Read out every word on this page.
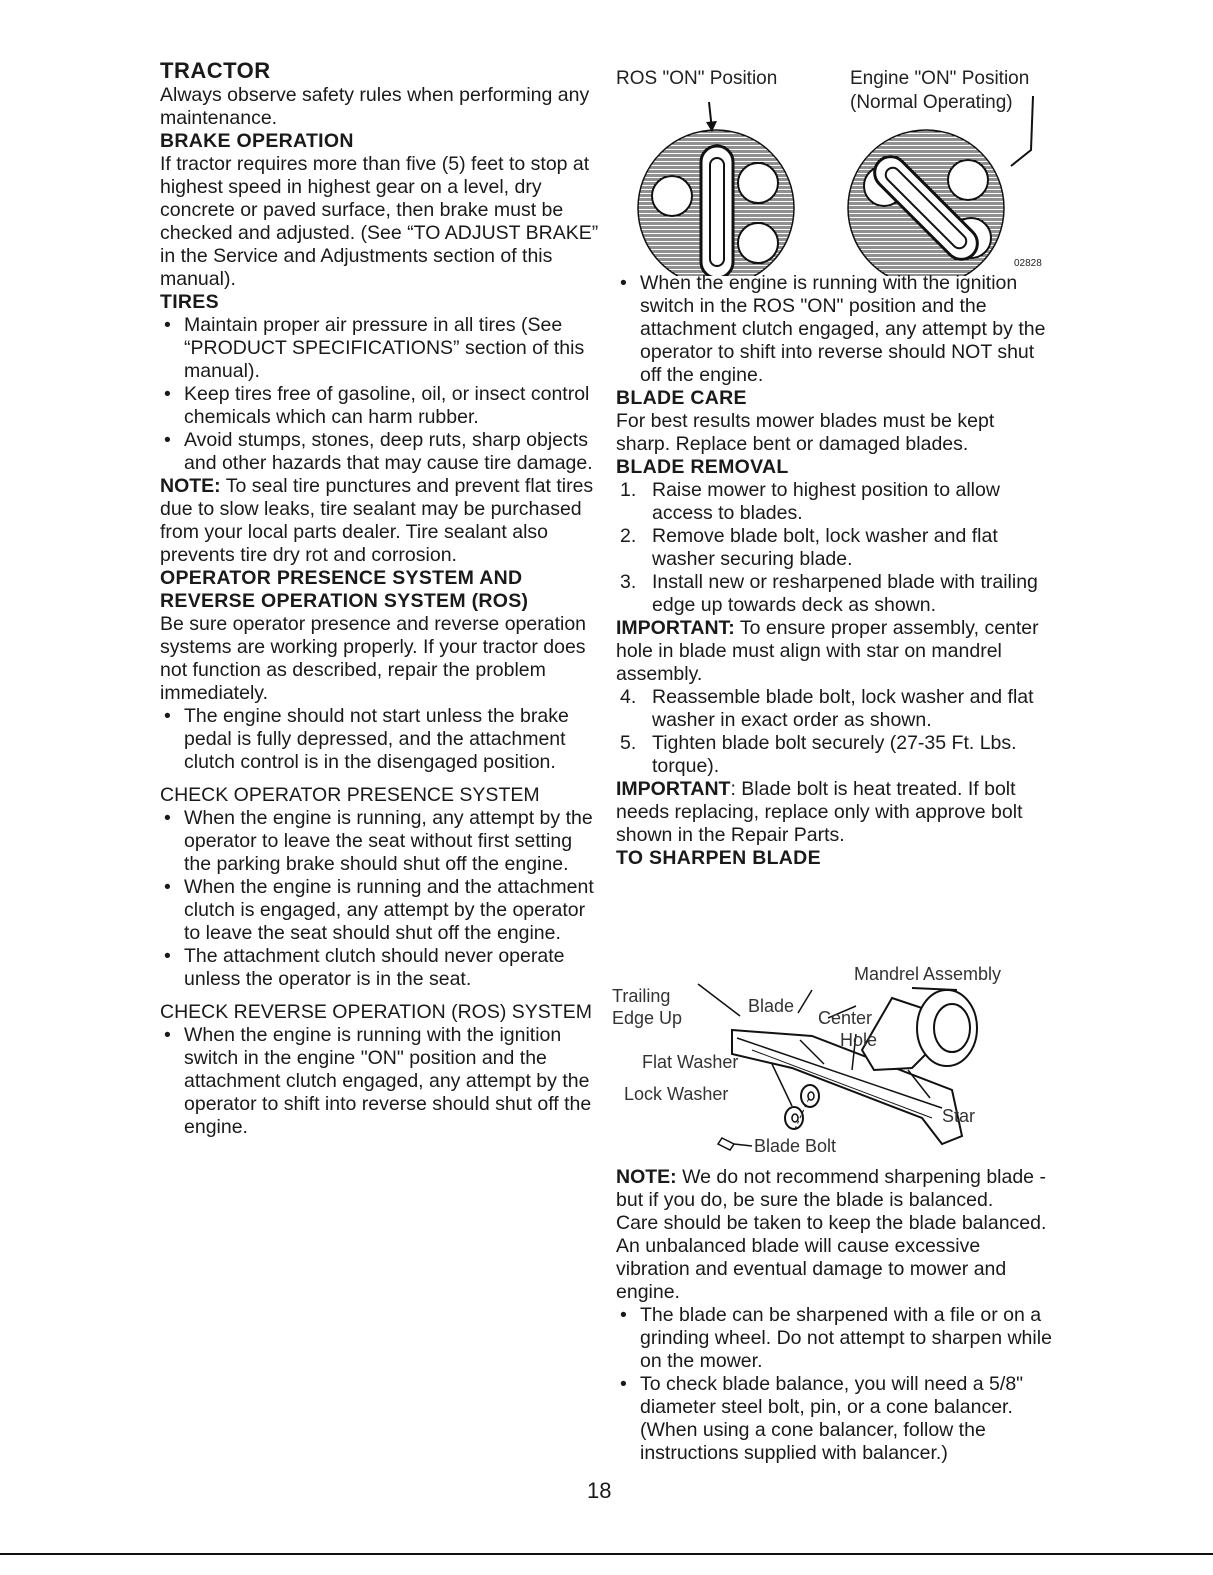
TRACTOR

Always observe safety rules when performing any maintenance.

BRAKE OPERATION

If tractor requires more than five (5) feet to stop at highest speed in highest gear on a level, dry concrete or paved surface, then brake must be checked and adjusted. (See “TO ADJUST BRAKE” in the Service and Adjustments section of this manual).

TIRES
• Maintain proper air pressure in all tires (See “PRODUCT SPECIFICATIONS” section of this manual).
• Keep tires free of gasoline, oil, or insect control chemicals which can harm rubber.
• Avoid stumps, stones, deep ruts, sharp objects and other hazards that may cause tire damage.

NOTE: To seal tire punctures and prevent flat tires due to slow leaks, tire sealant may be purchased from your local parts dealer. Tire sealant also prevents tire dry rot and corrosion.

OPERATOR PRESENCE SYSTEM AND REVERSE OPERATION SYSTEM (ROS)

Be sure operator presence and reverse operation systems are working properly. If your tractor does not function as described, repair the problem immediately.

• The engine should not start unless the brake pedal is fully depressed, and the attachment clutch control is in the disengaged position.

CHECK OPERATOR PRESENCE SYSTEM

• When the engine is running, any attempt by the operator to leave the seat without first setting the parking brake should shut off the engine.
• When the engine is running and the attachment clutch is engaged, any attempt by the operator to leave the seat should shut off the engine.
• The attachment clutch should never operate unless the operator is in the seat.

CHECK REVERSE OPERATION (ROS) SYSTEM

• When the engine is running with the ignition switch in the engine "ON" position and the attachment clutch engaged, any attempt by the operator to shift into reverse should shut off the engine.
ROS "ON" Position	Engine "ON" Position
(Normal Operating)
02828
• When the engine is running with the ignition switch in the ROS "ON" position and the attachment clutch engaged, any attempt by the operator to shift into reverse should NOT shut off the engine.
BLADE CARE

For best results mower blades must be kept sharp. Replace bent or damaged blades.

BLADE REMOVAL
1. Raise mower to highest position to allow access to blades.
2. Remove blade bolt, lock washer and flat washer securing blade.
3. Install new or resharpened blade with trailing edge up towards deck as shown.

IMPORTANT: To ensure proper assembly, center hole in blade must align with star on mandrel assembly.

4. Reassemble blade bolt, lock washer and flat washer in exact order as shown.
5. Tighten blade bolt securely (27-35 Ft. Lbs. torque).

IMPORTANT: Blade bolt is heat treated. If bolt needs replacing, replace only with approve bolt shown in the Repair Parts.

TO SHARPEN BLADE
Mandrel Assembly
Trailing
Edge Up
Blade
Center
Hole
Flat Washer
Lock Washer
Star
Blade Bolt

NOTE: We do not recommend sharpening blade - but if you do, be sure the blade is balanced.

Care should be taken to keep the blade balanced. An unbalanced blade will cause excessive vibration and eventual damage to mower and engine.

• The blade can be sharpened with a file or on a grinding wheel. Do not attempt to sharpen while on the mower.
• To check blade balance, you will need a 5/8" diameter steel bolt, pin, or a cone balancer. (When using a cone balancer, follow the instructions supplied with balancer.)
18
